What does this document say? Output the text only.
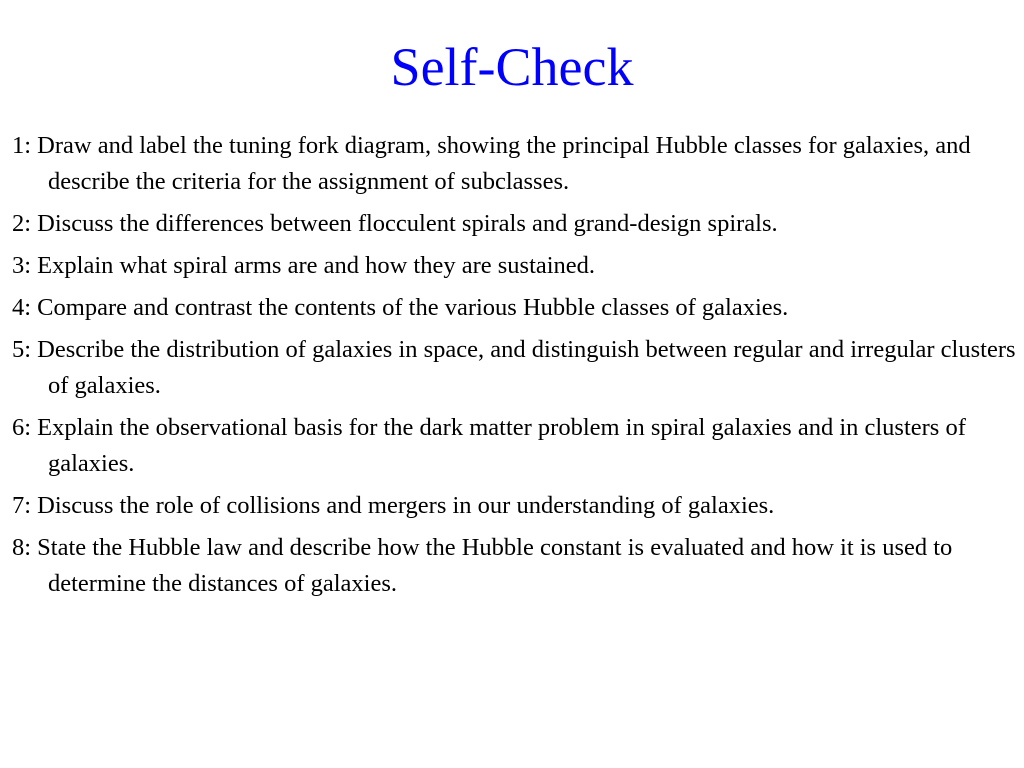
Self-Check
1: Draw and label the tuning fork diagram, showing the principal Hubble classes for galaxies, and describe the criteria for the assignment of subclasses.
2: Discuss the differences between flocculent spirals and grand-design spirals.
3: Explain what spiral arms are and how they are sustained.
4: Compare and contrast the contents of the various Hubble classes of galaxies.
5: Describe the distribution of galaxies in space, and distinguish between regular and irregular clusters of galaxies.
6: Explain the observational basis for the dark matter problem in spiral galaxies and in clusters of galaxies.
7: Discuss the role of collisions and mergers in our understanding of galaxies.
8: State the Hubble law and describe how the Hubble constant is evaluated and how it is used to determine the distances of galaxies.
